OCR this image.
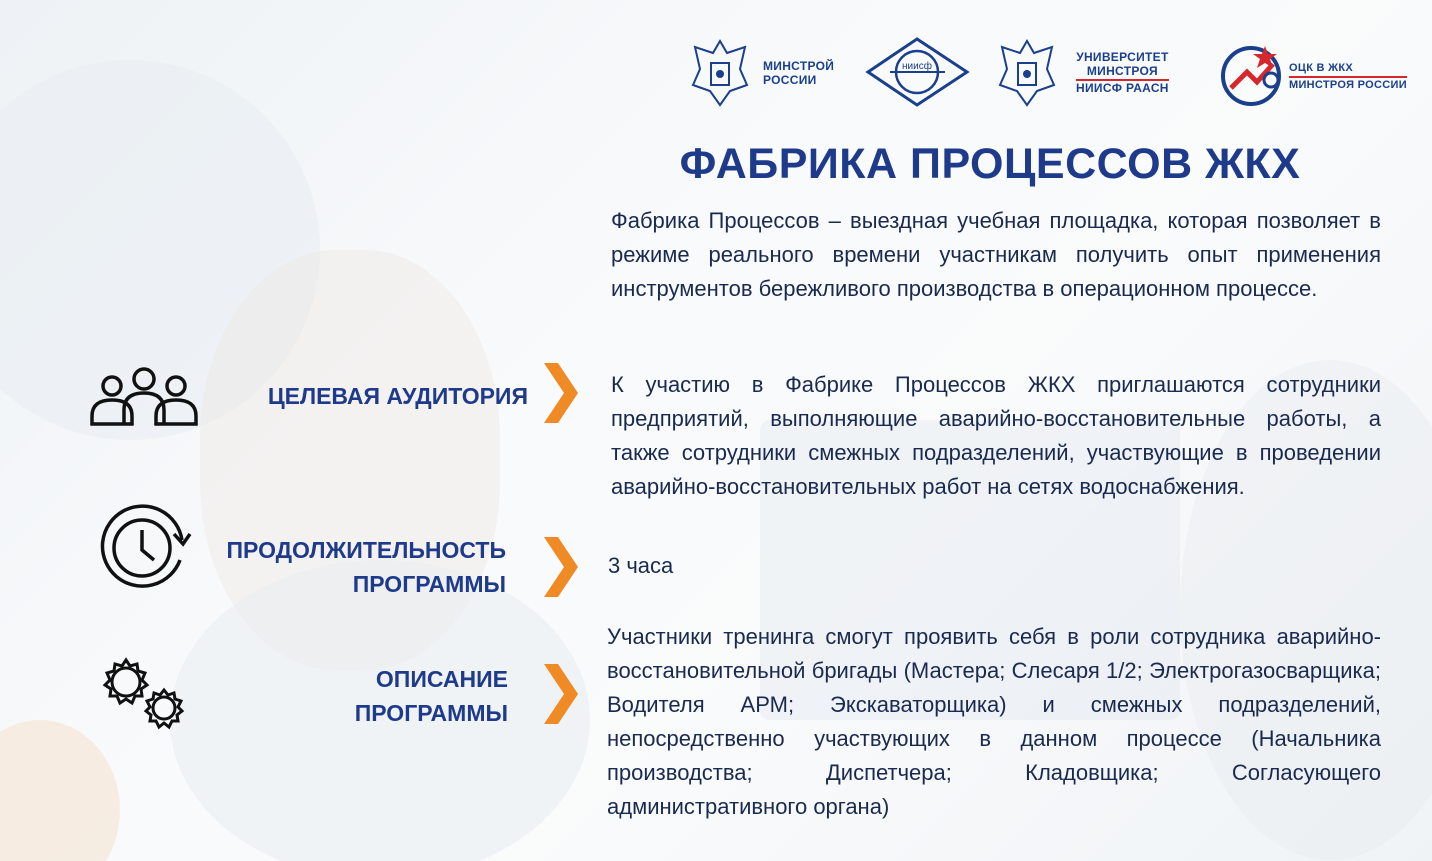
МИНСТРОЙ
РОССИИ
ниисф
УНИВЕРСИТЕТ
МИНСТРОЯ
НИИСФ РААСН
ОЦК В ЖКХ
МИНСТРОЯ РОССИИ
ФАБРИКА ПРОЦЕССОВ ЖКХ
Фабрика Процессов – выездная учебная площадка, которая позволяет в режиме реального времени участникам получить опыт применения инструментов бережливого производства в операционном процессе.
ЦЕЛЕВАЯ АУДИТОРИЯ	К участию в Фабрике Процессов ЖКХ приглашаются сотрудники предприятий, выполняющие аварийно-восстановительные работы, а также сотрудники смежных подразделений, участвующие в проведении аварийно-восстановительных работ на сетях водоснабжения.
ПРОДОЛЖИТЕЛЬНОСТЬ
ПРОГРАММЫ
3 часа
ОПИСАНИЕ
ПРОГРАММЫ
Участники тренинга смогут проявить себя в роли сотрудника аварийно-восстановительной бригады (Мастера; Слесаря 1/2; Электрогазосварщика; Водителя АРМ; Экскаваторщика) и смежных подразделений, непосредственно участвующих в данном процессе (Начальника производства; Диспетчера; Кладовщика; Согласующего административного органа)
